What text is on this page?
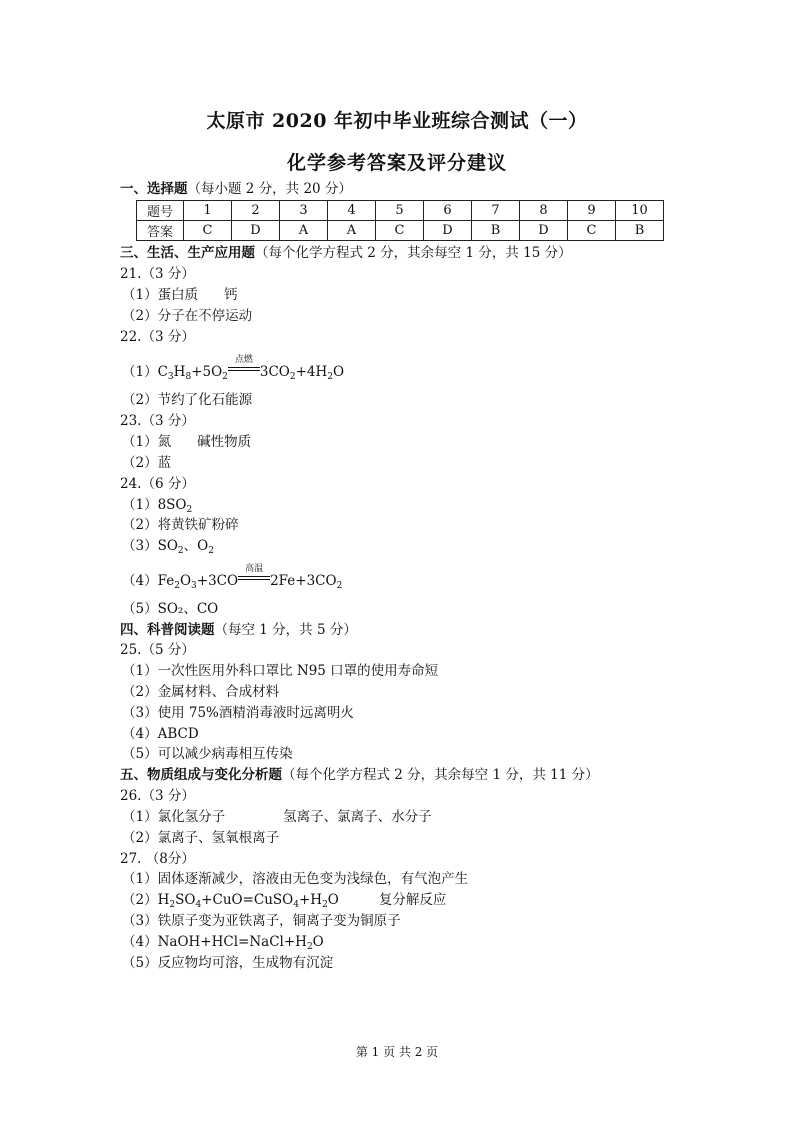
太原市 2020 年初中毕业班综合测试（一）
化学参考答案及评分建议
一、选择题（每小题 2 分，共 20 分）
题号	1	2	3	4	5	6	7	8	9	10
答案	C	D	A	A	C	D	B	D	C	B
三、生活、生产应用题（每个化学方程式 2 分，其余每空 1 分，共 15 分）
21.（3 分）
（1）蛋白质 钙
（2）分子在不停运动
22.（3 分）
$(1)C_3H_8+5O_2$
点燃
$3CO_2+4H_2O$
（2）节约了化石能源
23.（3 分）
（1）氮 碱性物质
（2）蓝
24.（6 分）
$(1)8SO_2$
（2）将黄铁矿粉碎
$(3)SO_2$、$O_2$
$(4)Fe_2O_3+3CO$
高温
$2Fe+3CO_2$
（5）SO₂、CO
四、科普阅读题（每空 1 分，共 5 分）
25.（5 分）
（1）一次性医用外科口罩比 N95 口罩的使用寿命短
（2）金属材料、合成材料
（3）使用 75%酒精消毒液时远离明火
（4）ABCD
（5）可以减少病毒相互传染
五、物质组成与变化分析题（每个化学方程式 2 分，其余每空 1 分，共 11 分）
26.（3 分）
（1）氯化氢分子	氢离子、氯离子、水分子
（2）氯离子、氢氧根离子
27. （8分）
（1）固体逐渐减少，溶液由无色变为浅绿色，有气泡产生
$(2)H_2SO_4+CuO=CuSO_4+H_2O$	复分解反应
（3）铁原子变为亚铁离子，铜离子变为铜原子
$(4)NaOH+HCl=NaCl+H_2O$
（5）反应物均可溶，生成物有沉淀
第 1 页 共 2 页
